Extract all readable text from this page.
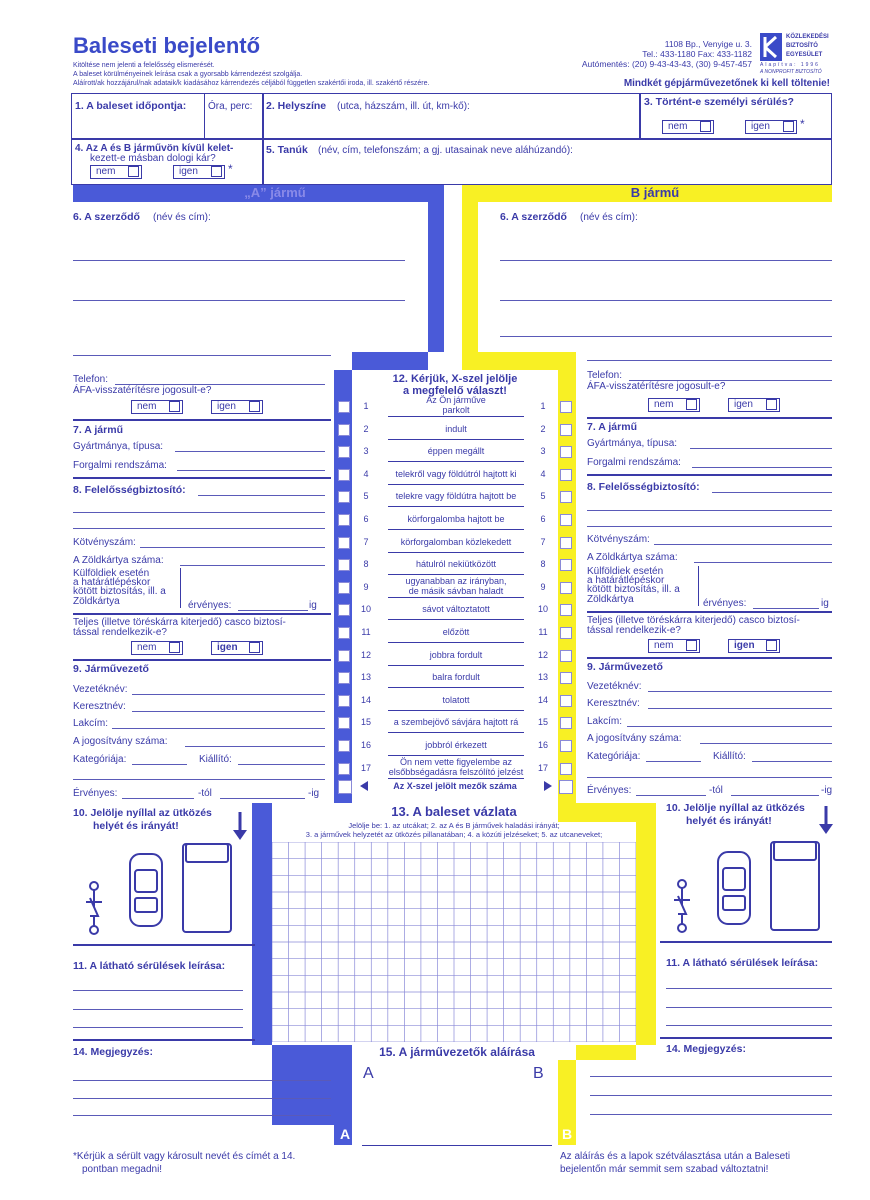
Baleseti bejelentő
Kitöltése nem jelenti a felelősség elismerését.
A baleset körülményeinek leírása csak a gyorsabb kárrendezést szolgálja.
Aláírott/ak hozzájárul/nak adataik/k kiadásához kárrendezés céljából független szakértői iroda, ill. szakértő részére.
1108 Bp., Venyige u. 3.
Tel.: 433-1180 Fax: 433-1182
Autómentés: (20) 9-43-43-43, (30) 9-457-457
KÖZLEKEDÉSI
BIZTOSÍTÓ
EGYESÜLET
Alapítva: 1996
A NONPROFIT BIZTOSÍTÓ
Mindkét gépjárművezetőnek ki kell töltenie!
1. A baleset időpontja: Óra, perc: 2. Helyszíne (utca, házszám, ill. út, km-kő):	3. Történt-e személyi sérülés?
nem	igen	*
4. Az A és B járművön kívül kelet-
kezett-e másban dologi kár?
nem	igen	*
5. Tanúk (név, cím, telefonszám; a gj. utasainak neve aláhúzandó):
„A” jármű	B jármű
6. A szerződő (név és cím):
Telefon:
ÁFA-visszatérítésre jogosult-e?
nem	igen
7. A jármű
Gyártmánya, típusa:
Forgalmi rendszáma:
8. Felelősségbiztosító:
Kötvényszám:
A Zöldkártya száma:
Külföldiek esetén
a határátlépéskor
kötött biztosítás, ill. a
Zöldkártya	érvényes:	ig
Teljes (illetve töréskárra kiterjedő) casco biztosí-
tással rendelkezik-e?
nem	igen
9. Járművezető
Vezetéknév:
Keresztnév:
Lakcím:
A jogosítvány száma:
Kategóriája:	Kiállító:
Érvényes:	-tól	-ig
10. Jelölje nyíllal az ütközés
helyét és irányát!
11. A látható sérülések leírása:
14. Megjegyzés:
A
6. A szerződő (név és cím):
Telefon:
ÁFA-visszatérítésre jogosult-e?
nem	igen
7. A jármű
Gyártmánya, típusa:
Forgalmi rendszáma:
8. Felelősségbiztosító:
Kötvényszám:
A Zöldkártya száma:
Külföldiek esetén
a határátlépéskor
kötött biztosítás, ill. a
Zöldkártya	érvényes:	ig
Teljes (illetve töréskárra kiterjedő) casco biztosí-
tással rendelkezik-e?
nem	igen
9. Járművezető
Vezetéknév:
Keresztnév:
Lakcím:
A jogosítvány száma:
Kategóriája:	Kiállító:
Érvényes:	-tól	-ig
10. Jelölje nyíllal az ütközés
helyét és irányát!
11. A látható sérülések leírása:
14. Megjegyzés:
B
12. Kérjük, X-szel jelölje
a megfelelő választ!
1	1
Az Ön járműve
parkolt
2	2
indult
3	3
éppen megállt
4	4
telekről vagy földútról hajtott ki
5	5
telekre vagy földútra hajtott be
6	6
körforgalomba hajtott be
7	7
körforgalomban közlekedett
8	8
hátulról nekiütközött
9	9
ugyanabban az irányban,
de másik sávban haladt
10	10
sávot változtatott
11	11
előzött
12	12
jobbra fordult
13	13
balra fordult
14	14
tolatott
15	15
a szembejövő sávjára hajtott rá
16	16
jobbról érkezett
17	17
Ön nem vette figyelembe az
elsőbbségadásra felszólító jelzést
Az X-szel jelölt mezők száma
13. A baleset vázlata
Jelölje be: 1. az utcákat; 2. az A és B járművek haladási irányát;
3. a járművek helyzetét az ütközés pillanatában; 4. a közúti jelzéseket; 5. az utcaneveket;
15. A járművezetők aláírása
A	B
*Kérjük a sérült vagy károsult nevét és címét a 14.
pontban megadni!
Az aláírás és a lapok szétválasztása után a Baleseti
bejelentőn már semmit sem szabad változtatni!
